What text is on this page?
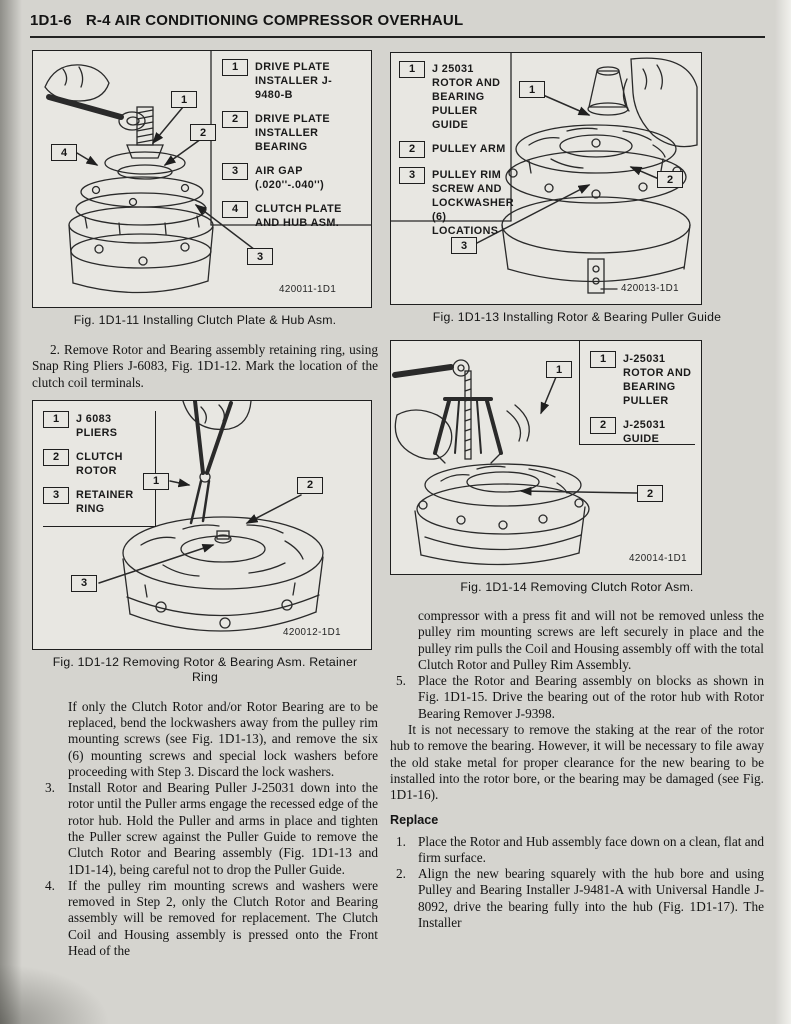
1D1-6 R-4 AIR CONDITIONING COMPRESSOR OVERHAUL
1	DRIVE PLATE INSTALLER J-9480-B
2	DRIVE PLATE INSTALLER BEARING
3	AIR GAP (.020''-.040'')
4	CLUTCH PLATE AND HUB ASM.
1
2
4
3
420011-1D1
Fig. 1D1-11 Installing Clutch Plate & Hub Asm.
2. Remove Rotor and Bearing assembly retaining ring, using Snap Ring Pliers J-6083, Fig. 1D1-12. Mark the location of the clutch coil terminals.
1	J 6083 PLIERS
2	CLUTCH ROTOR
3	RETAINER RING
1	2
3
420012-1D1
Fig. 1D1-12 Removing Rotor & Bearing Asm. Retainer Ring
If only the Clutch Rotor and/or Rotor Bearing are to be replaced, bend the lockwashers away from the pulley rim mounting screws (see Fig. 1D1-13), and remove the six (6) mounting screws and special lock washers before proceeding with Step 3. Discard the lock washers.
3. Install Rotor and Bearing Puller J-25031 down into the rotor until the Puller arms engage the recessed edge of the rotor hub. Hold the Puller and arms in place and tighten the Puller screw against the Puller Guide to remove the Clutch Rotor and Bearing assembly (Fig. 1D1-13 and 1D1-14), being careful not to drop the Puller Guide.
4. If the pulley rim mounting screws and washers were removed in Step 2, only the Clutch Rotor and Bearing assembly will be removed for replacement. The Clutch Coil and Housing assembly is pressed onto the Front Head of the
1	J 25031 ROTOR AND BEARING PULLER GUIDE
2	PULLEY ARM
3	PULLEY RIM SCREW AND LOCKWASHER (6) LOCATIONS
1
2
3
420013-1D1
Fig. 1D1-13 Installing Rotor & Bearing Puller Guide
1	J-25031 ROTOR AND BEARING PULLER
2	J-25031 GUIDE
1
2
420014-1D1
Fig. 1D1-14 Removing Clutch Rotor Asm.
compressor with a press fit and will not be removed unless the pulley rim mounting screws are left securely in place and the pulley rim pulls the Coil and Housing assembly off with the total Clutch Rotor and Pulley Rim Assembly.
5. Place the Rotor and Bearing assembly on blocks as shown in Fig. 1D1-15. Drive the bearing out of the rotor hub with Rotor Bearing Remover J-9398.
It is not necessary to remove the staking at the rear of the rotor hub to remove the bearing. However, it will be necessary to file away the old stake metal for proper clearance for the new bearing to be installed into the rotor bore, or the bearing may be damaged (see Fig. 1D1-16).
Replace
1. Place the Rotor and Hub assembly face down on a clean, flat and firm surface.
2. Align the new bearing squarely with the hub bore and using Pulley and Bearing Installer J-9481-A with Universal Handle J-8092, drive the bearing fully into the hub (Fig. 1D1-17). The Installer
